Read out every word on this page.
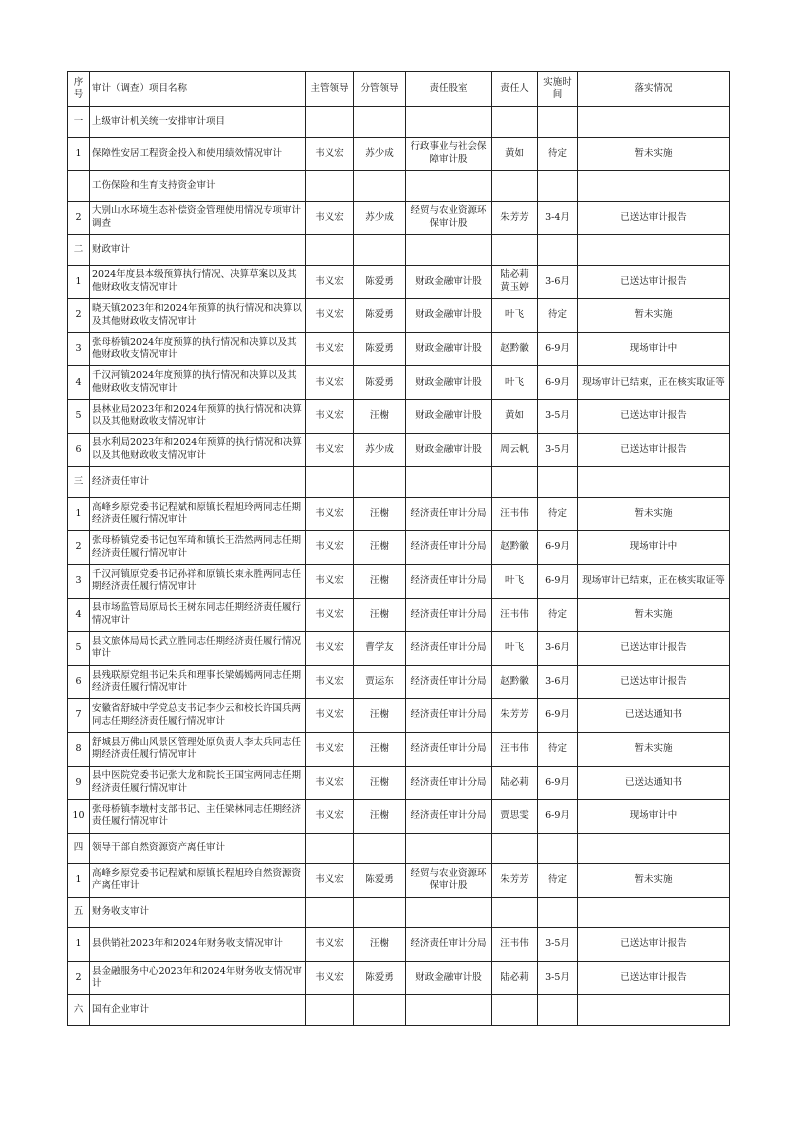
序号	审计（调查）项目名称	主管领导	分管领导	责任股室	责任人	实施时间	落实情况
一	上级审计机关统一安排审计项目						
1	保障性安居工程资金投入和使用绩效情况审计	韦义宏	苏少成	行政事业与社会保障审计股	黄如	待定	暂未实施
	工伤保险和生育支持资金审计						
2	大别山水环境生态补偿资金管理使用情况专项审计调查	韦义宏	苏少成	经贸与农业资源环保审计股	朱芳芳	3-4月	已送达审计报告
二	财政审计						
1	2024年度县本级预算执行情况、决算草案以及其他财政收支情况审计	韦义宏	陈爱勇	财政金融审计股	陆必莉 黄玉婷	3-6月	已送达审计报告
2	晓天镇2023年和2024年预算的执行情况和决算以及其他财政收支情况审计	韦义宏	陈爱勇	财政金融审计股	叶飞	待定	暂未实施
3	张母桥镇2024年度预算的执行情况和决算以及其他财政收支情况审计	韦义宏	陈爱勇	财政金融审计股	赵黔徽	6-9月	现场审计中
4	千汉河镇2024年度预算的执行情况和决算以及其他财政收支情况审计	韦义宏	陈爱勇	财政金融审计股	叶飞	6-9月	现场审计已结束，正在核实取证等

5	县林业局2023年和2024年预算的执行情况和决算以及其他财政收支情况审计	韦义宏	汪榭	财政金融审计股	黄如	3-5月	已送达审计报告
6	县水利局2023年和2024年预算的执行情况和决算以及其他财政收支情况审计	韦义宏	苏少成	财政金融审计股	周云帆	3-5月	已送达审计报告
三	经济责任审计						
1	高峰乡原党委书记程斌和原镇长程旭玲两同志任期经济责任履行情况审计	韦义宏	汪榭	经济责任审计分局	汪韦伟	待定	暂未实施
2	张母桥镇党委书记包军琦和镇长王浩然两同志任期经济责任履行情况审计	韦义宏	汪榭	经济责任审计分局	赵黔徽	6-9月	现场审计中
3	千汉河镇原党委书记孙祥和原镇长束永胜两同志任期经济责任履行情况审计	韦义宏	汪榭	经济责任审计分局	叶飞	6-9月	现场审计已结束，正在核实取证等

4	县市场监管局原局长王树东同志任期经济责任履行情况审计	韦义宏	汪榭	经济责任审计分局	汪韦伟	待定	暂未实施
5	县文旅体局局长武立胜同志任期经济责任履行情况审计	韦义宏	曹学友	经济责任审计分局	叶飞	3-6月	已送达审计报告
6	县残联原党组书记朱兵和理事长梁嫣嫣两同志任期经济责任履行情况审计	韦义宏	贾运东	经济责任审计分局	赵黔徽	3-6月	已送达审计报告
7	安徽省舒城中学党总支书记李少云和校长许国兵两同志任期经济责任履行情况审计	韦义宏	汪榭	经济责任审计分局	朱芳芳	6-9月	已送达通知书
8	舒城县万佛山风景区管理处原负责人李太兵同志任期经济责任履行情况审计	韦义宏	汪榭	经济责任审计分局	汪韦伟	待定	暂未实施
9	县中医院党委书记张大龙和院长王国宝两同志任期经济责任履行情况审计	韦义宏	汪榭	经济责任审计分局	陆必莉	6-9月	已送达通知书
10	张母桥镇李墩村支部书记、主任梁林同志任期经济责任履行情况审计	韦义宏	汪榭	经济责任审计分局	贾思雯	6-9月	现场审计中
四	领导干部自然资源资产离任审计						
1	高峰乡原党委书记程斌和原镇长程旭玲自然资源资产离任审计	韦义宏	陈爱勇	经贸与农业资源环保审计股	朱芳芳	待定	暂未实施
五	财务收支审计						
1	县供销社2023年和2024年财务收支情况审计	韦义宏	汪榭	经济责任审计分局	汪韦伟	3-5月	已送达审计报告
2	县金融服务中心2023年和2024年财务收支情况审计	韦义宏	陈爱勇	财政金融审计股	陆必莉	3-5月	已送达审计报告
六	国有企业审计						
